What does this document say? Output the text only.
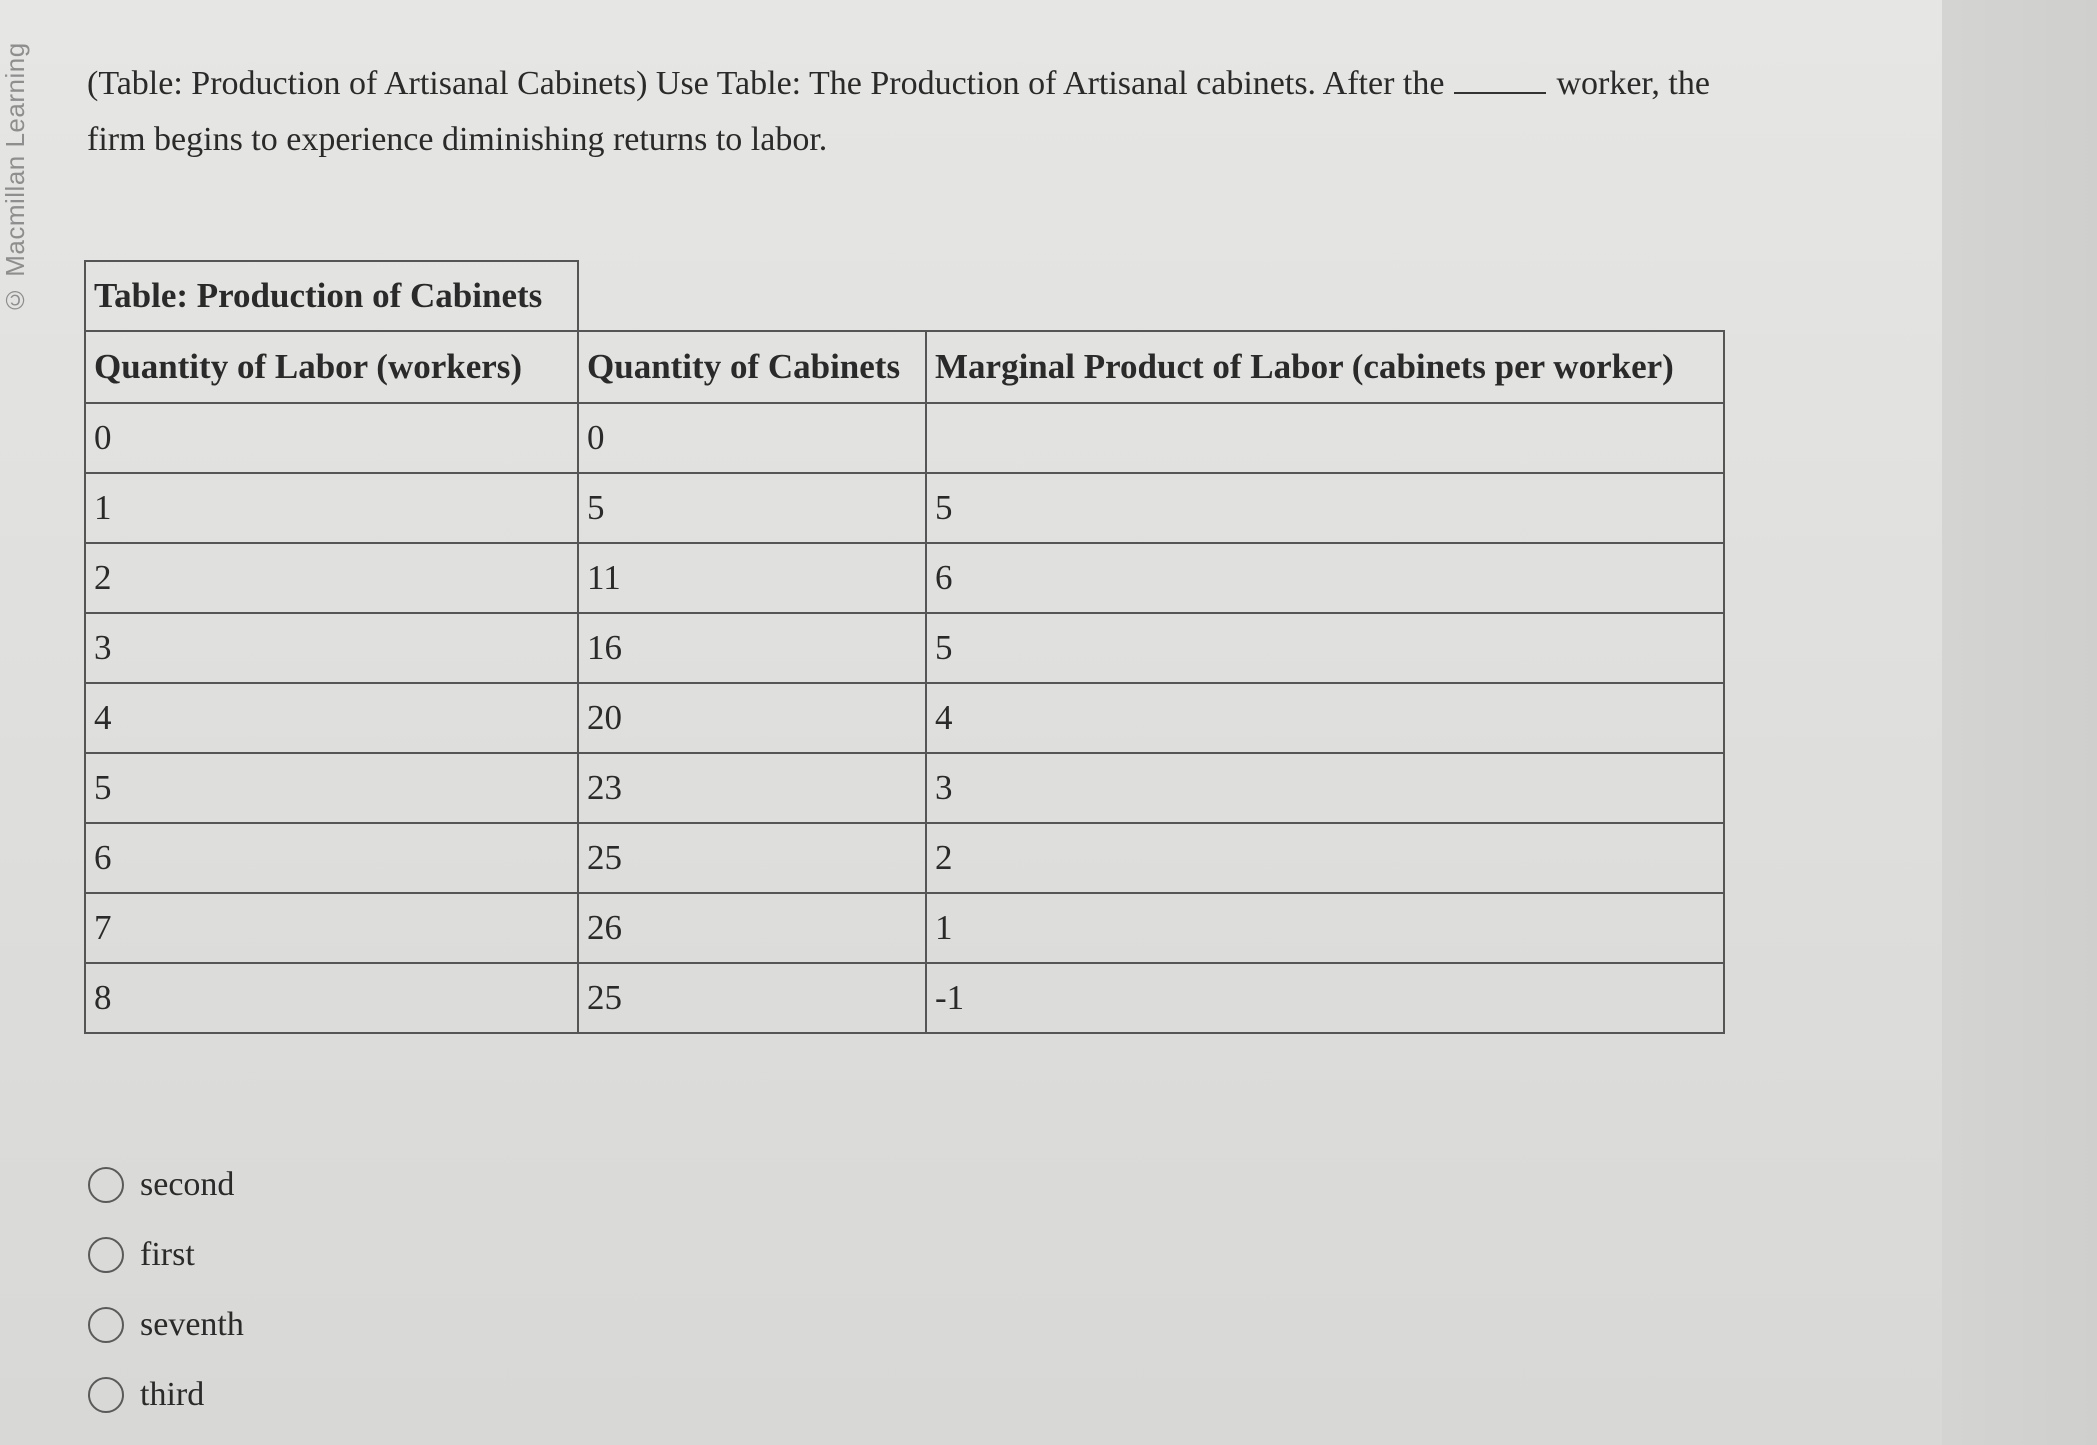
© Macmillan Learning (Table: Production of Artisanal Cabinets) Use Table: The Production of Artisanal cabinets. After the	worker, the
firm begins to experience diminishing returns to labor.
Table: Production of Cabinets		
Quantity of Labor (workers)	Quantity of Cabinets	Marginal Product of Labor (cabinets per worker)
0	0	
1	5	5
2	11	6
3	16	5
4	20	4
5	23	3
6	25	2
7	26	1
8	25	-1
second
first
seventh
third
